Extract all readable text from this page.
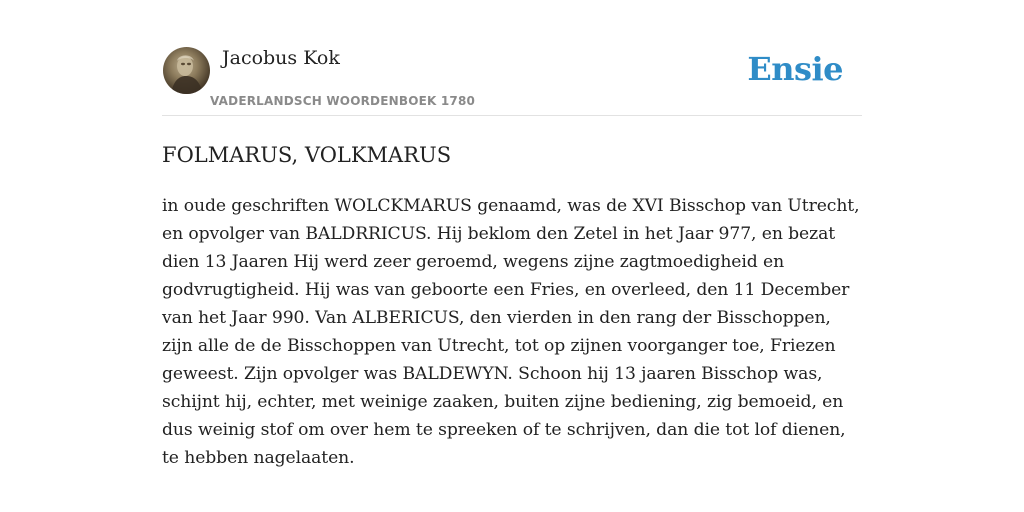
Jacobus Kok
VADERLANDSCH WOORDENBOEK 1780
Ensie
FOLMARUS, VOLKMARUS

in oude geschriften WOLCKMARUS genaamd, was de XVI Bisschop van Utrecht, en opvolger van BALDRRICUS. Hij beklom den Zetel in het Jaar 977, en bezat dien 13 Jaaren Hij werd zeer geroemd, wegens zijne zagtmoedigheid en godvrugtigheid. Hij was van geboorte een Fries, en overleed, den 11 December van het Jaar 990. Van ALBERICUS, den vierden in den rang der Bisschoppen, zijn alle de de Bisschoppen van Utrecht, tot op zijnen voorganger toe, Friezen geweest. Zijn opvolger was BALDEWYN. Schoon hij 13 jaaren Bisschop was, schijnt hij, echter, met weinige zaaken, buiten zijne bediening, zig bemoeid, en dus weinig stof om over hem te spreeken of te schrijven, dan die tot lof dienen, te hebben nagelaaten.
